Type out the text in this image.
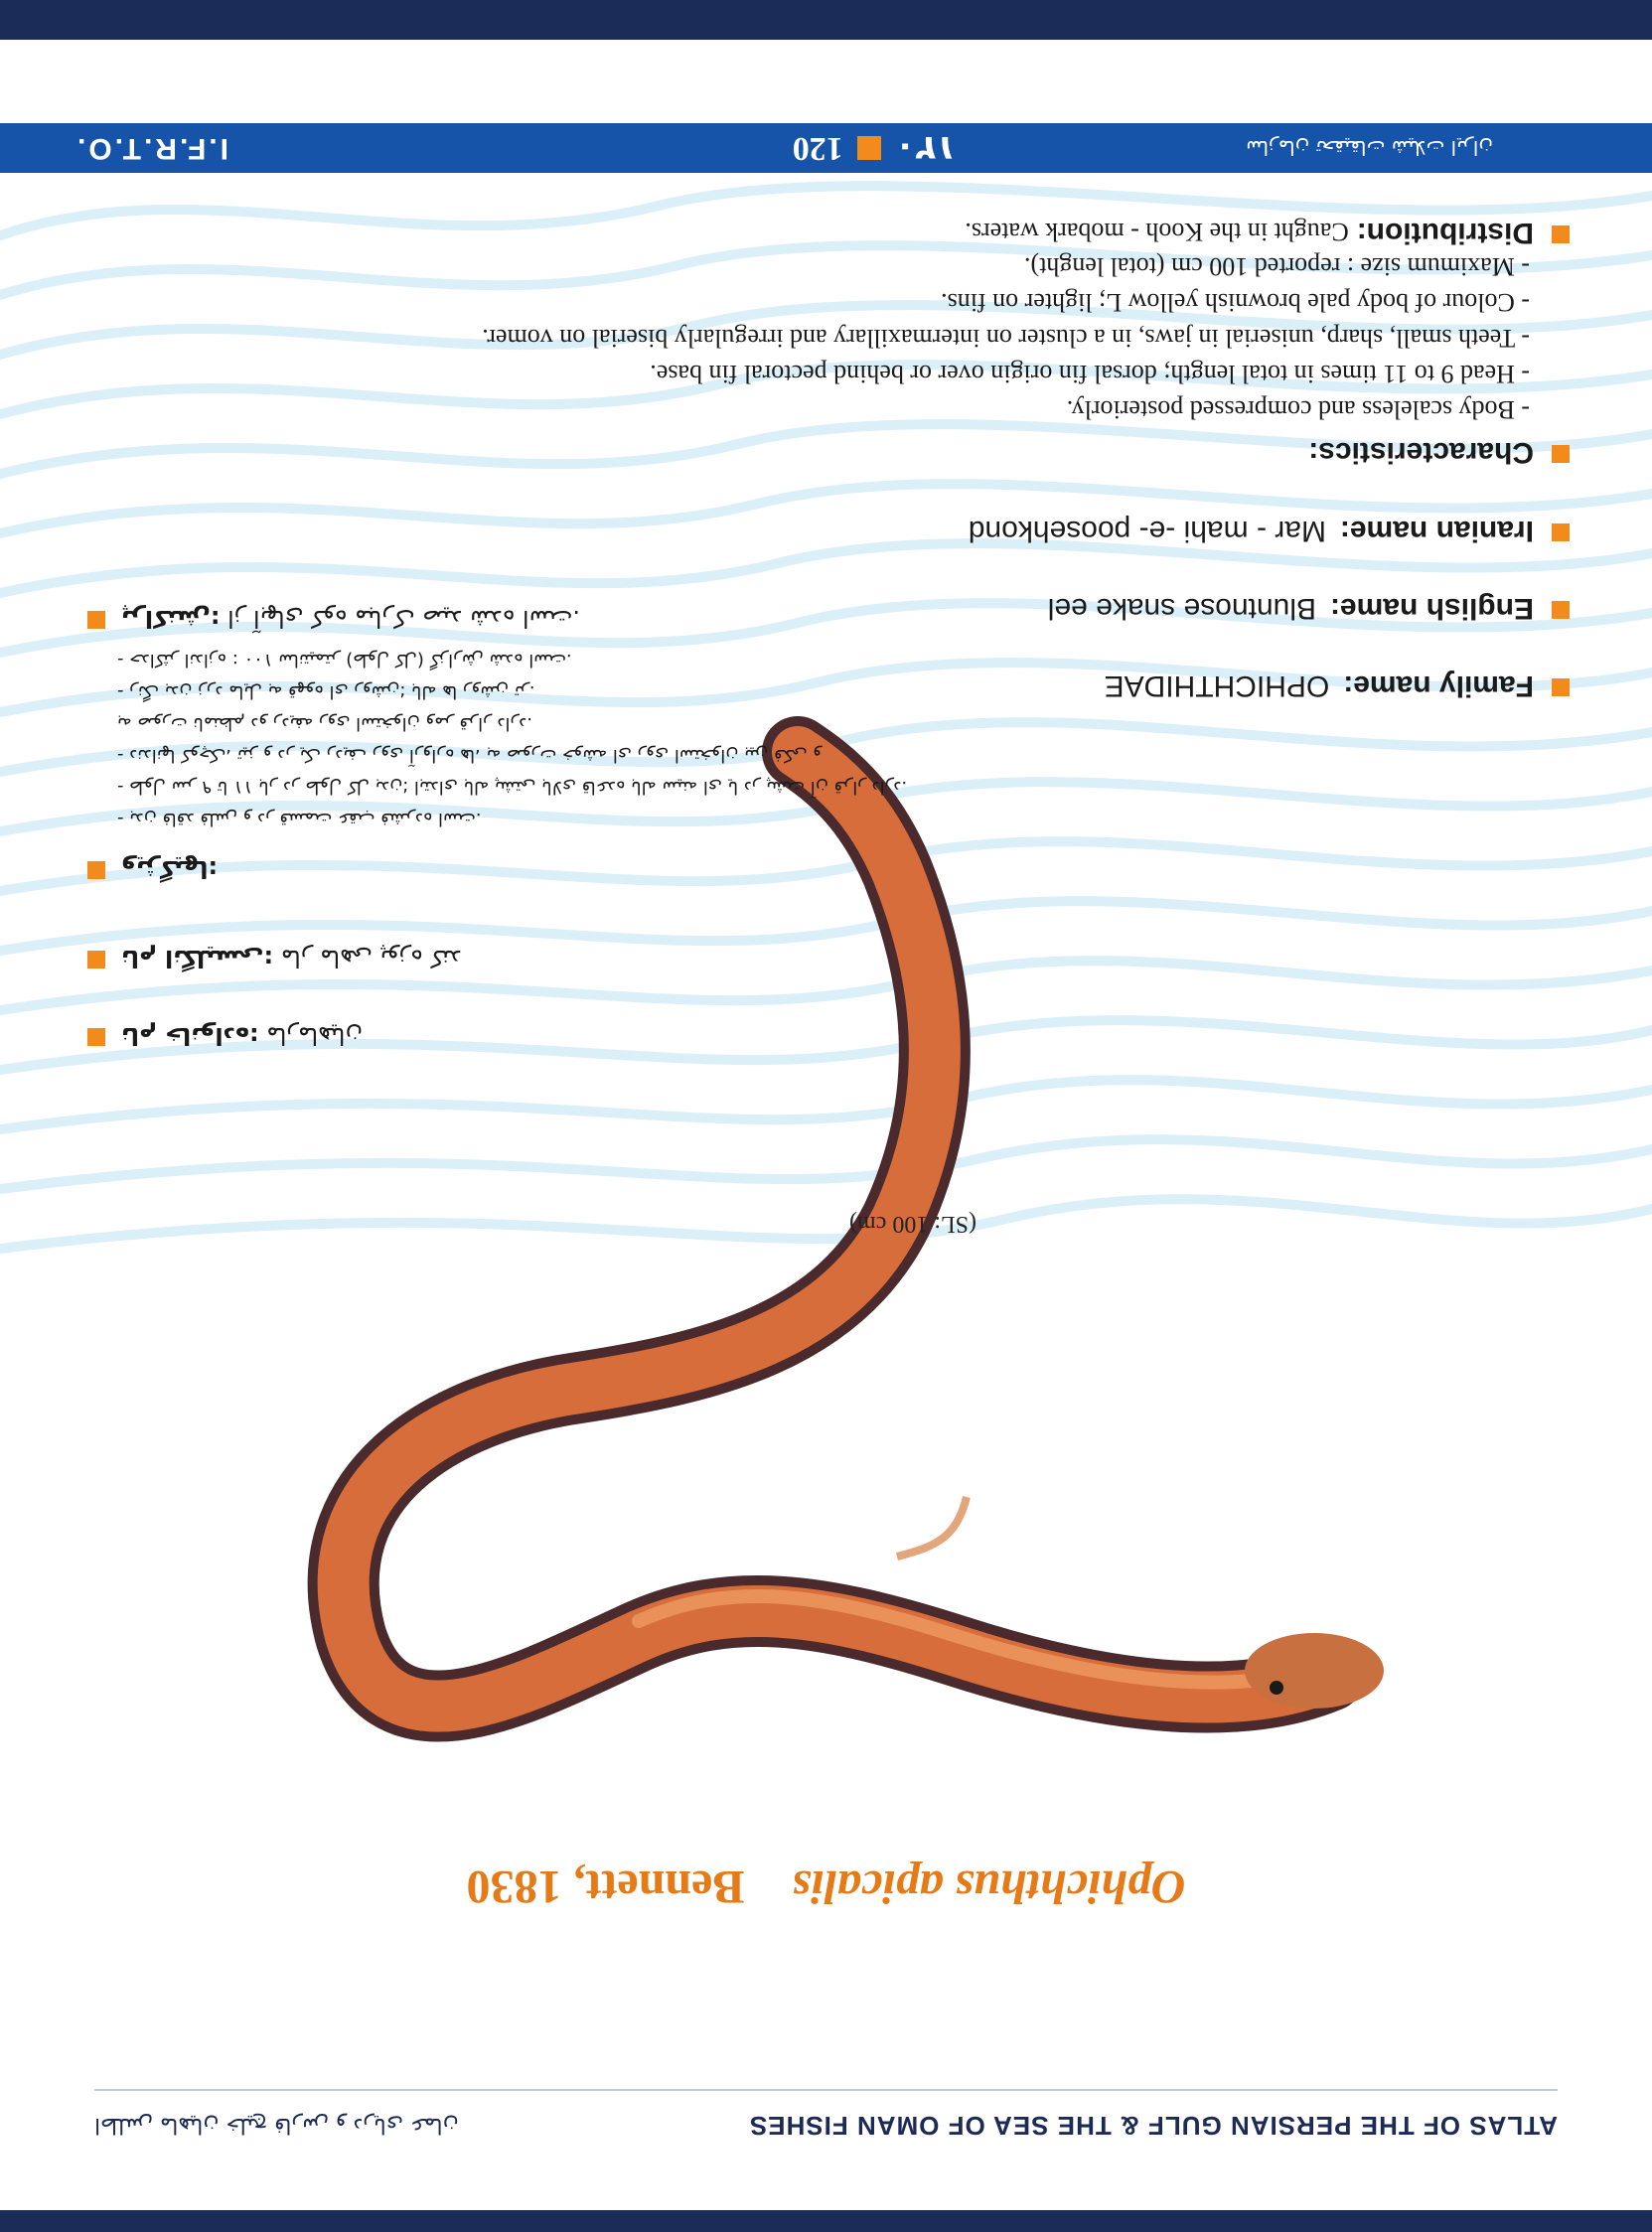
ATLAS OF THE PERSIAN GULF & THE SEA OF OMAN FISHES
اطلس ماهیان خلیج فارس و دریای عمان
Ophichthus apicalis    Bennett, 1830
(SL: 100 cm)
نام خانواده: مارماهیان
نام انگلیسی: مار ماهی پوزه کند
ویژگیها:
- بدن فاقد فلس و در قسمت عقب فشرده است.
- طول سر ۹ تا ۱۱ بار در طول کل بدن؛ ابتدای باله پشتی بالای قاعده باله سینه ای یا در پشت آن قرار دارد.
- دندانها کوچک، تیز و در یک ردیف روی آرواره ها، به صورت خوشه ای روی استخوان بین فکی و
به صورت نامنظم دو ردیفه روی استخوان ومر قرار دارد.
- رنگ بدن زرد مایل به قهوه ای روشن؛ باله ها روشن تر.
- حداکثر اندازه : ۱۰۰ سانتیمتر (طول کل) گزارش شده است.
پراکنش: از آبهای کوه مبارک صید شده است.
Family name:OPHICHTHIDAE
English name:Bluntnose snake eel
Iranian name:Mar - mahi -e- poosehkond
Characteristics:
- Body scaleless and compressed posteriorly.
- Head 9 to 11 times in total length; dorsal fin origin over or behind pectoral fin base.
- Teeth small, sharp, uniserial in jaws, in a cluster on intermaxillary and irregularly biserial on vomer.
- Colour of body pale brownish yellow L; lighter on fins.
- Maximum size : reported 100 cm (total lenght).
Distribution:Caught in the Kooh - mobark waters.
سازمان تحقیقات شیلات ایران
۱۲۰
120
I.F.R.T.O.
